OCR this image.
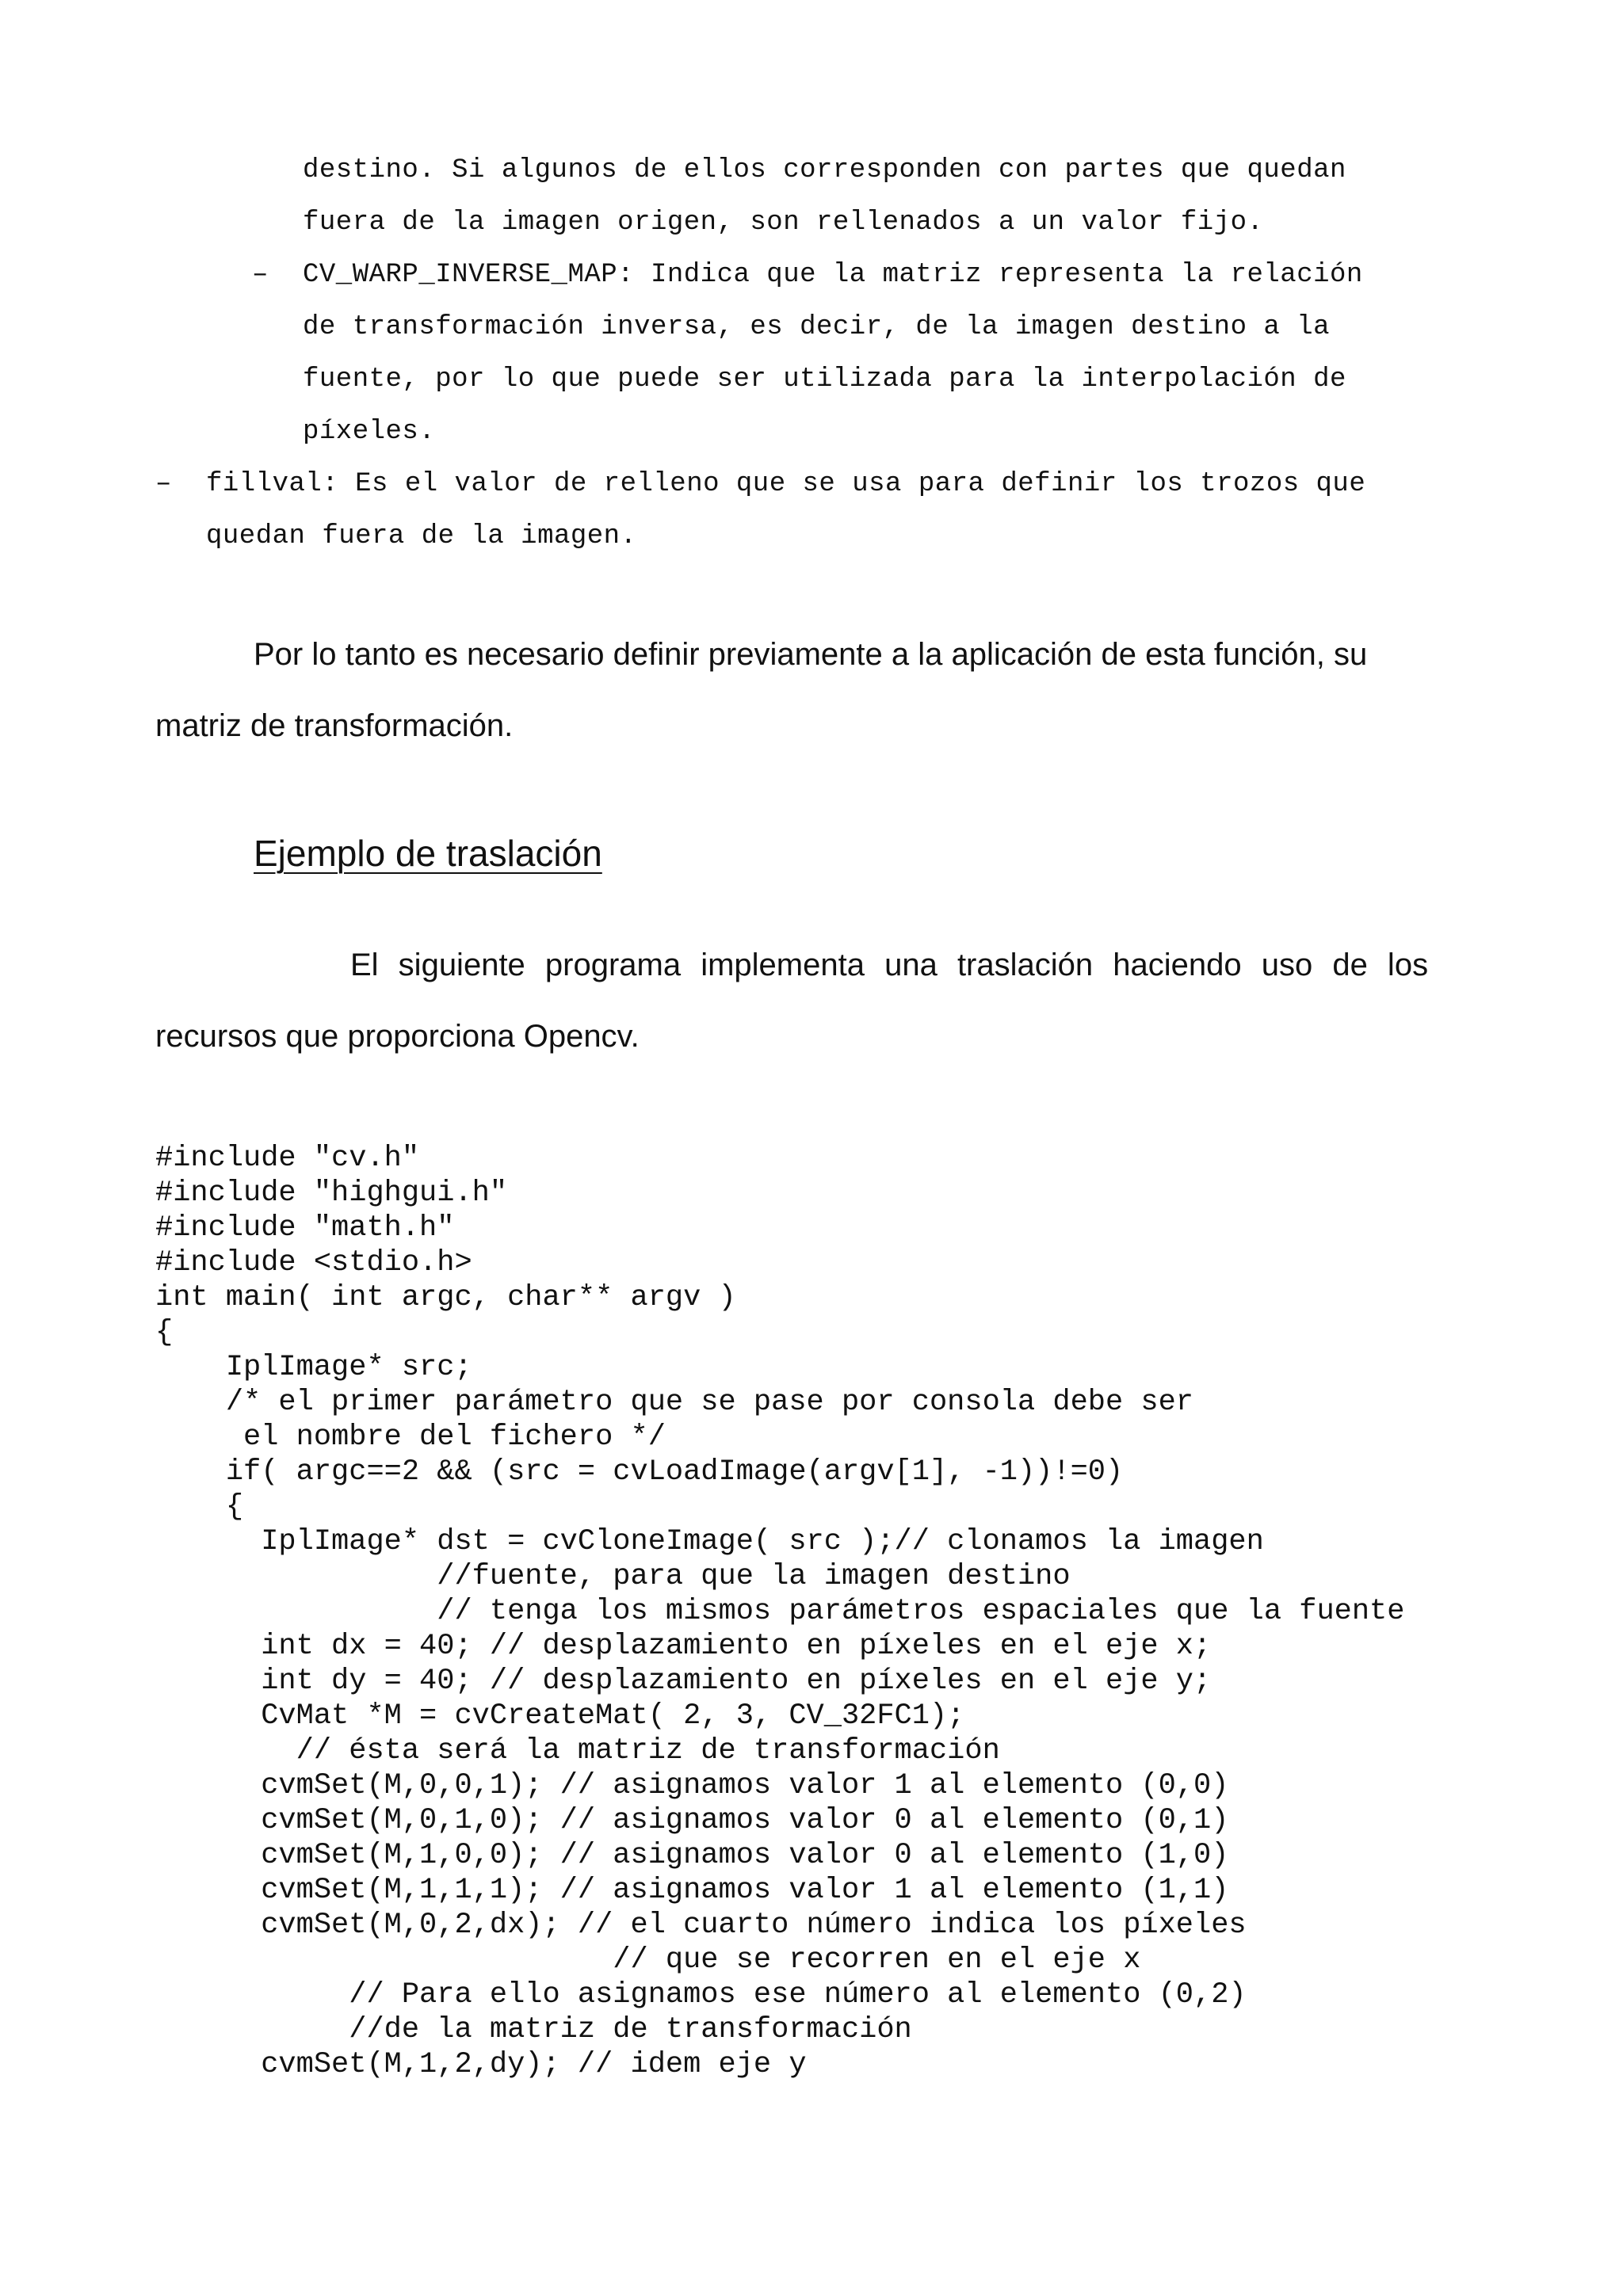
destino. Si algunos de ellos corresponden con partes que quedan
fuera de la imagen origen, son rellenados a un valor fijo.
– CV_WARP_INVERSE_MAP: Indica que la matriz representa la relación
de transformación inversa, es decir, de la imagen destino a la
fuente, por lo que puede ser utilizada para la interpolación de
píxeles.
– fillval: Es el valor de relleno que se usa para definir los trozos que
quedan fuera de la imagen.
Por lo tanto es necesario definir previamente a la aplicación de esta función, su
matriz de transformación.
Ejemplo de traslación
El siguiente programa implementa una traslación haciendo uso de los
recursos que proporciona Opencv.
#include "cv.h"
#include "highgui.h"
#include "math.h"
#include <stdio.h>
int main( int argc, char** argv )
{
IplImage* src;
/* el primer parámetro que se pase por consola debe ser
el nombre del fichero */
if( argc==2 && (src = cvLoadImage(argv[1], -1))!=0)
{
IplImage* dst = cvCloneImage( src );// clonamos la imagen
//fuente, para que la imagen destino
// tenga los mismos parámetros espaciales que la fuente
int dx = 40; // desplazamiento en píxeles en el eje x;
int dy = 40; // desplazamiento en píxeles en el eje y;
CvMat *M = cvCreateMat( 2, 3, CV_32FC1);
// ésta será la matriz de transformación
cvmSet(M,0,0,1); // asignamos valor 1 al elemento (0,0)
cvmSet(M,0,1,0); // asignamos valor 0 al elemento (0,1)
cvmSet(M,1,0,0); // asignamos valor 0 al elemento (1,0)
cvmSet(M,1,1,1); // asignamos valor 1 al elemento (1,1)
cvmSet(M,0,2,dx); // el cuarto número indica los píxeles
// que se recorren en el eje x
// Para ello asignamos ese número al elemento (0,2)
//de la matriz de transformación
cvmSet(M,1,2,dy); // idem eje y
